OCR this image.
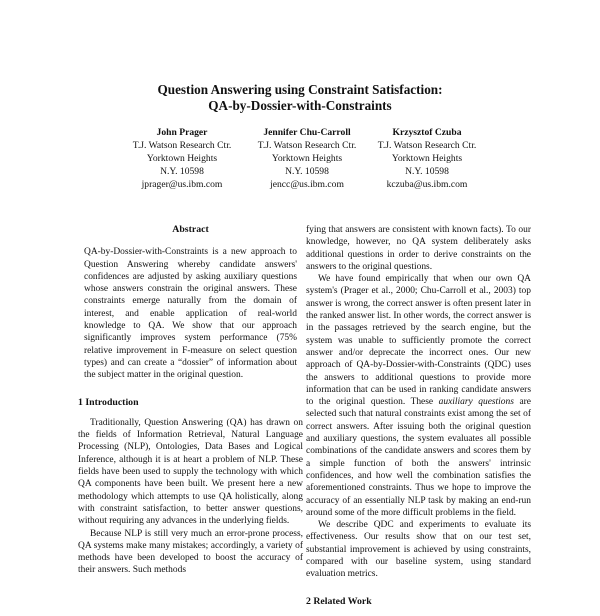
Question Answering using Constraint Satisfaction:
QA-by-Dossier-with-Constraints
John Prager
T.J. Watson Research Ctr.
Yorktown Heights
N.Y. 10598
jprager@us.ibm.com
Jennifer Chu-Carroll
T.J. Watson Research Ctr.
Yorktown Heights
N.Y. 10598
jencc@us.ibm.com
Krzysztof Czuba
T.J. Watson Research Ctr.
Yorktown Heights
N.Y. 10598
kczuba@us.ibm.com
Abstract

QA-by-Dossier-with-Constraints is a new approach to Question Answering whereby candidate answers' confidences are adjusted by asking auxiliary questions whose answers constrain the original answers. These constraints emerge naturally from the domain of interest, and enable application of real-world knowledge to QA. We show that our approach significantly improves system performance (75% relative improvement in F-measure on select question types) and can create a “dossier” of information about the subject matter in the original question.

1 Introduction

Traditionally, Question Answering (QA) has drawn on the fields of Information Retrieval, Natural Language Processing (NLP), Ontologies, Data Bases and Logical Inference, although it is at heart a problem of NLP. These fields have been used to supply the technology with which QA components have been built. We present here a new methodology which attempts to use QA holistically, along with constraint satisfaction, to better answer questions, without requiring any advances in the underlying fields.

Because NLP is still very much an error-prone process, QA systems make many mistakes; accordingly, a variety of methods have been developed to boost the accuracy of their answers. Such methods

fying that answers are consistent with known facts). To our knowledge, however, no QA system deliberately asks additional questions in order to derive constraints on the answers to the original questions.

We have found empirically that when our own QA system's (Prager et al., 2000; Chu-Carroll et al., 2003) top answer is wrong, the correct answer is often present later in the ranked answer list. In other words, the correct answer is in the passages retrieved by the search engine, but the system was unable to sufficiently promote the correct answer and/or deprecate the incorrect ones. Our new approach of QA-by-Dossier-with-Constraints (QDC) uses the answers to additional questions to provide more information that can be used in ranking candidate answers to the original question. These auxiliary questions are selected such that natural constraints exist among the set of correct answers. After issuing both the original question and auxiliary questions, the system evaluates all possible combinations of the candidate answers and scores them by a simple function of both the answers' intrinsic confidences, and how well the combination satisfies the aforementioned constraints. Thus we hope to improve the accuracy of an essentially NLP task by making an end-run around some of the more difficult problems in the field.

We describe QDC and experiments to evaluate its effectiveness. Our results show that on our test set, substantial improvement is achieved by using constraints, compared with our baseline system, using standard evaluation metrics.

2 Related Work
